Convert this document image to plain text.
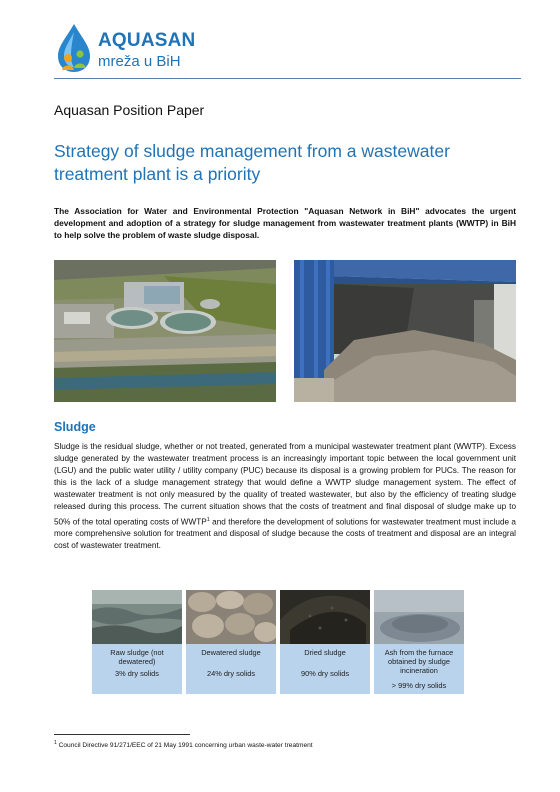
AQUASAN
mreža u BiH
Aquasan Position Paper
Strategy of sludge management from a wastewater treatment plant is a priority
The Association for Water and Environmental Protection "Aquasan Network in BiH" advocates the urgent development and adoption of a strategy for sludge management from wastewater treatment plants (WWTP) in BiH to help solve the problem of waste sludge disposal.
Sludge
Sludge is the residual sludge, whether or not treated, generated from a municipal wastewater treatment plant (WWTP). Excess sludge generated by the wastewater treatment process is an increasingly important topic between the local government unit (LGU) and the public water utility / utility company (PUC) because its disposal is a growing problem for PUCs. The reason for this is the lack of a sludge management strategy that would define a WWTP sludge management system. The effect of wastewater treatment is not only measured by the quality of treated wastewater, but also by the efficiency of treating sludge released during this process. The current situation shows that the costs of treatment and final disposal of sludge make up to 50% of the total operating costs of WWTP$^1$ and therefore the development of solutions for wastewater treatment must include a more comprehensive solution for treatment and disposal of sludge because the costs of treatment and disposal are an integral cost of wastewater treatment.
Raw sludge (not dewatered)
3% dry solids
Dewatered sludge
24% dry solids
Dried sludge
90% dry solids
Ash from the furnace obtained by sludge incineration
> 99% dry solids
$^1$ Council Directive 91/271/EEC of 21 May 1991 concerning urban waste-water treatment
